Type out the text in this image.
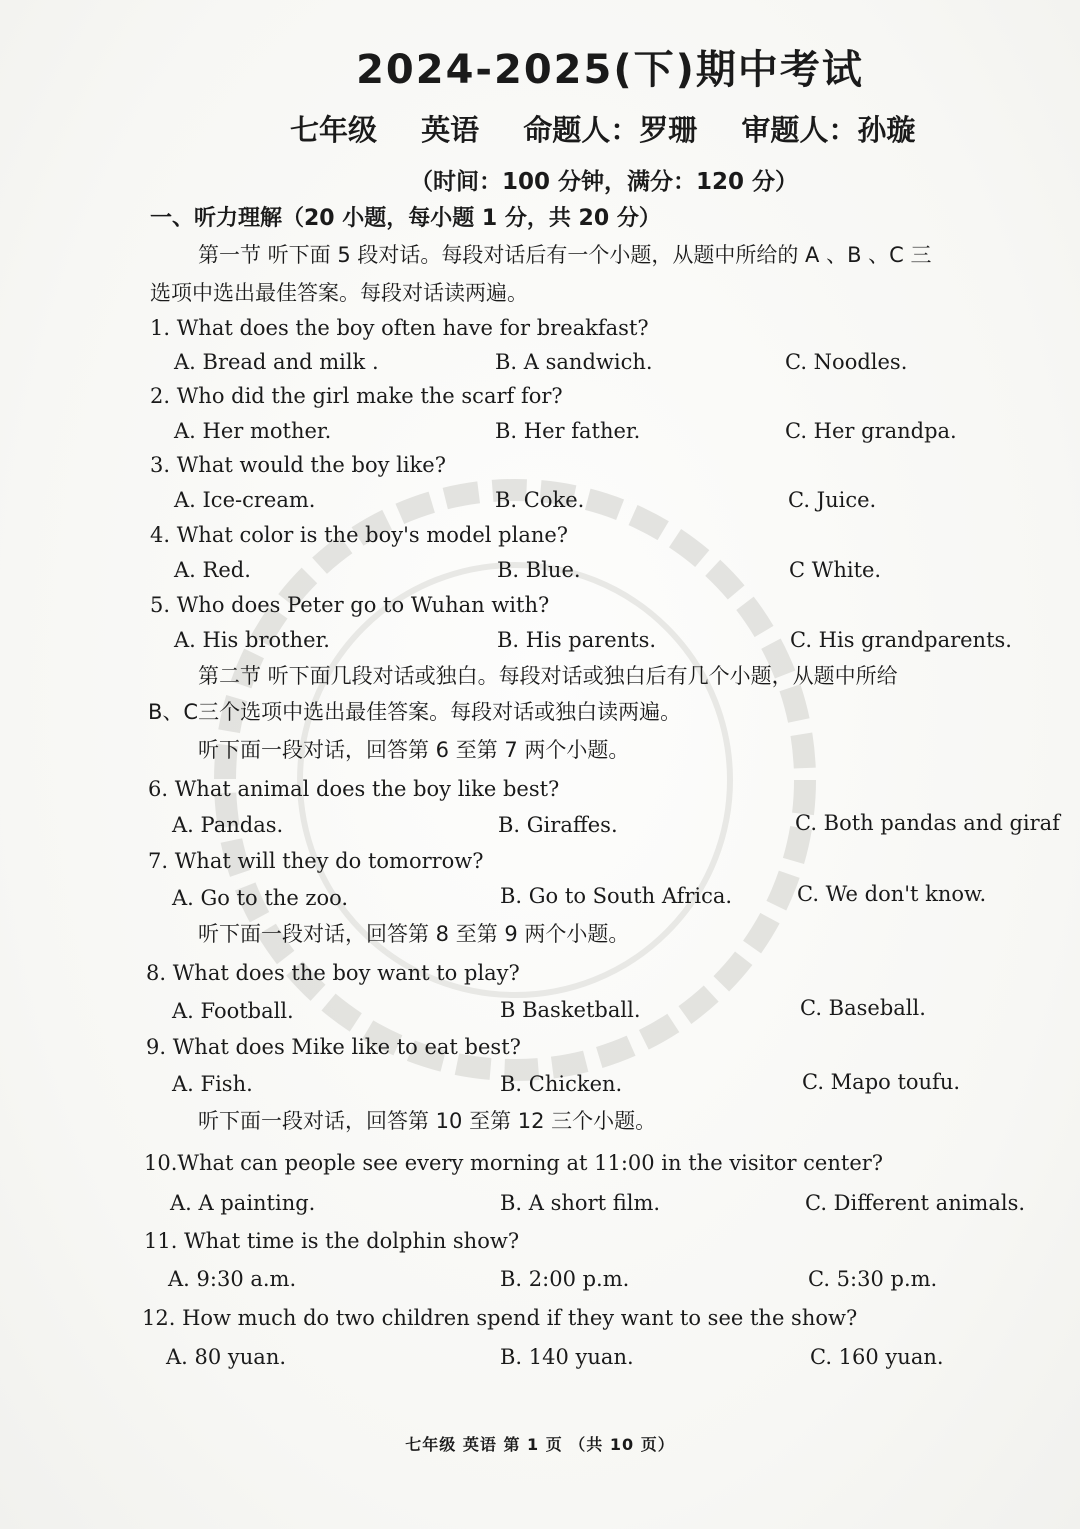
2024-2025(下)期中考试
七年级 英语 命题人：罗珊 审题人：孙璇
（时间：100 分钟，满分：120 分）
一、听力理解（20 小题，每小题 1 分，共 20 分）
第一节 听下面 5 段对话。每段对话后有一个小题，从题中所给的 A 、B 、C 三
选项中选出最佳答案。每段对话读两遍。
1. What does the boy often have for breakfast?
A. Bread and milk .	B. A sandwich.	C. Noodles.
2. Who did the girl make the scarf for?
A. Her mother.	B. Her father.	C. Her grandpa.
3. What would the boy like?
A. Ice-cream.	B. Coke.	C. Juice.
4. What color is the boy's model plane?
A. Red.	B. Blue.	C White.
5. Who does Peter go to Wuhan with?
A. His brother.	B. His parents.	C. His grandparents.
第二节 听下面几段对话或独白。每段对话或独白后有几个小题，从题中所给
B、C三个选项中选出最佳答案。每段对话或独白读两遍。
听下面一段对话，回答第 6 至第 7 两个小题。
6. What animal does the boy like best?
A. Pandas.	B. Giraffes.	C. Both pandas and giraf
7. What will they do tomorrow?
A. Go to the zoo.	B. Go to South Africa.	C. We don't know.
听下面一段对话，回答第 8 至第 9 两个小题。
8. What does the boy want to play?
A. Football.	B Basketball.	C. Baseball.
9. What does Mike like to eat best?
A. Fish.	B. Chicken.	C. Mapo toufu.
听下面一段对话，回答第 10 至第 12 三个小题。
10.What can people see every morning at 11:00 in the visitor center?
A. A painting.	B. A short film.	C. Different animals.
11. What time is the dolphin show?
A. 9:30 a.m.	B. 2:00 p.m.	C. 5:30 p.m.
12. How much do two children spend if they want to see the show?
A. 80 yuan.	B. 140 yuan.	C. 160 yuan.
七年级 英语 第 1 页 （共 10 页）
